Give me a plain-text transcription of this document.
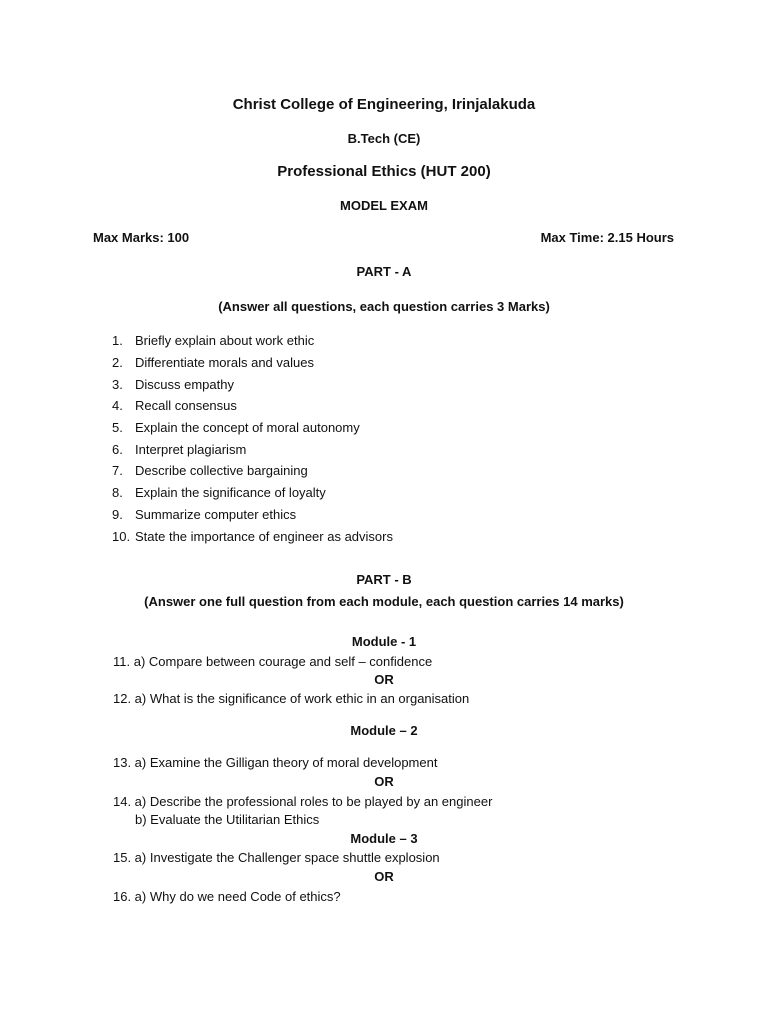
Christ College of Engineering, Irinjalakuda
B.Tech (CE)
Professional Ethics (HUT 200)
MODEL EXAM
Max Marks: 100	Max Time: 2.15 Hours
PART - A
(Answer all questions, each question carries 3 Marks)
1. Briefly explain about work ethic
2. Differentiate morals and values
3. Discuss empathy
4. Recall consensus
5. Explain the concept of moral autonomy
6. Interpret plagiarism
7. Describe collective bargaining
8. Explain the significance of loyalty
9. Summarize computer ethics
10. State the importance of engineer as advisors
PART - B
(Answer one full question from each module, each question carries 14 marks)
Module - 1
11. a) Compare between courage and self – confidence
OR
12. a) What is the significance of work ethic in an organisation
Module – 2
13. a) Examine the Gilligan theory of moral development
OR
14. a) Describe the professional roles to be played by an engineer
b) Evaluate the Utilitarian Ethics
Module – 3
15. a) Investigate the Challenger space shuttle explosion
OR
16. a) Why do we need Code of ethics?
